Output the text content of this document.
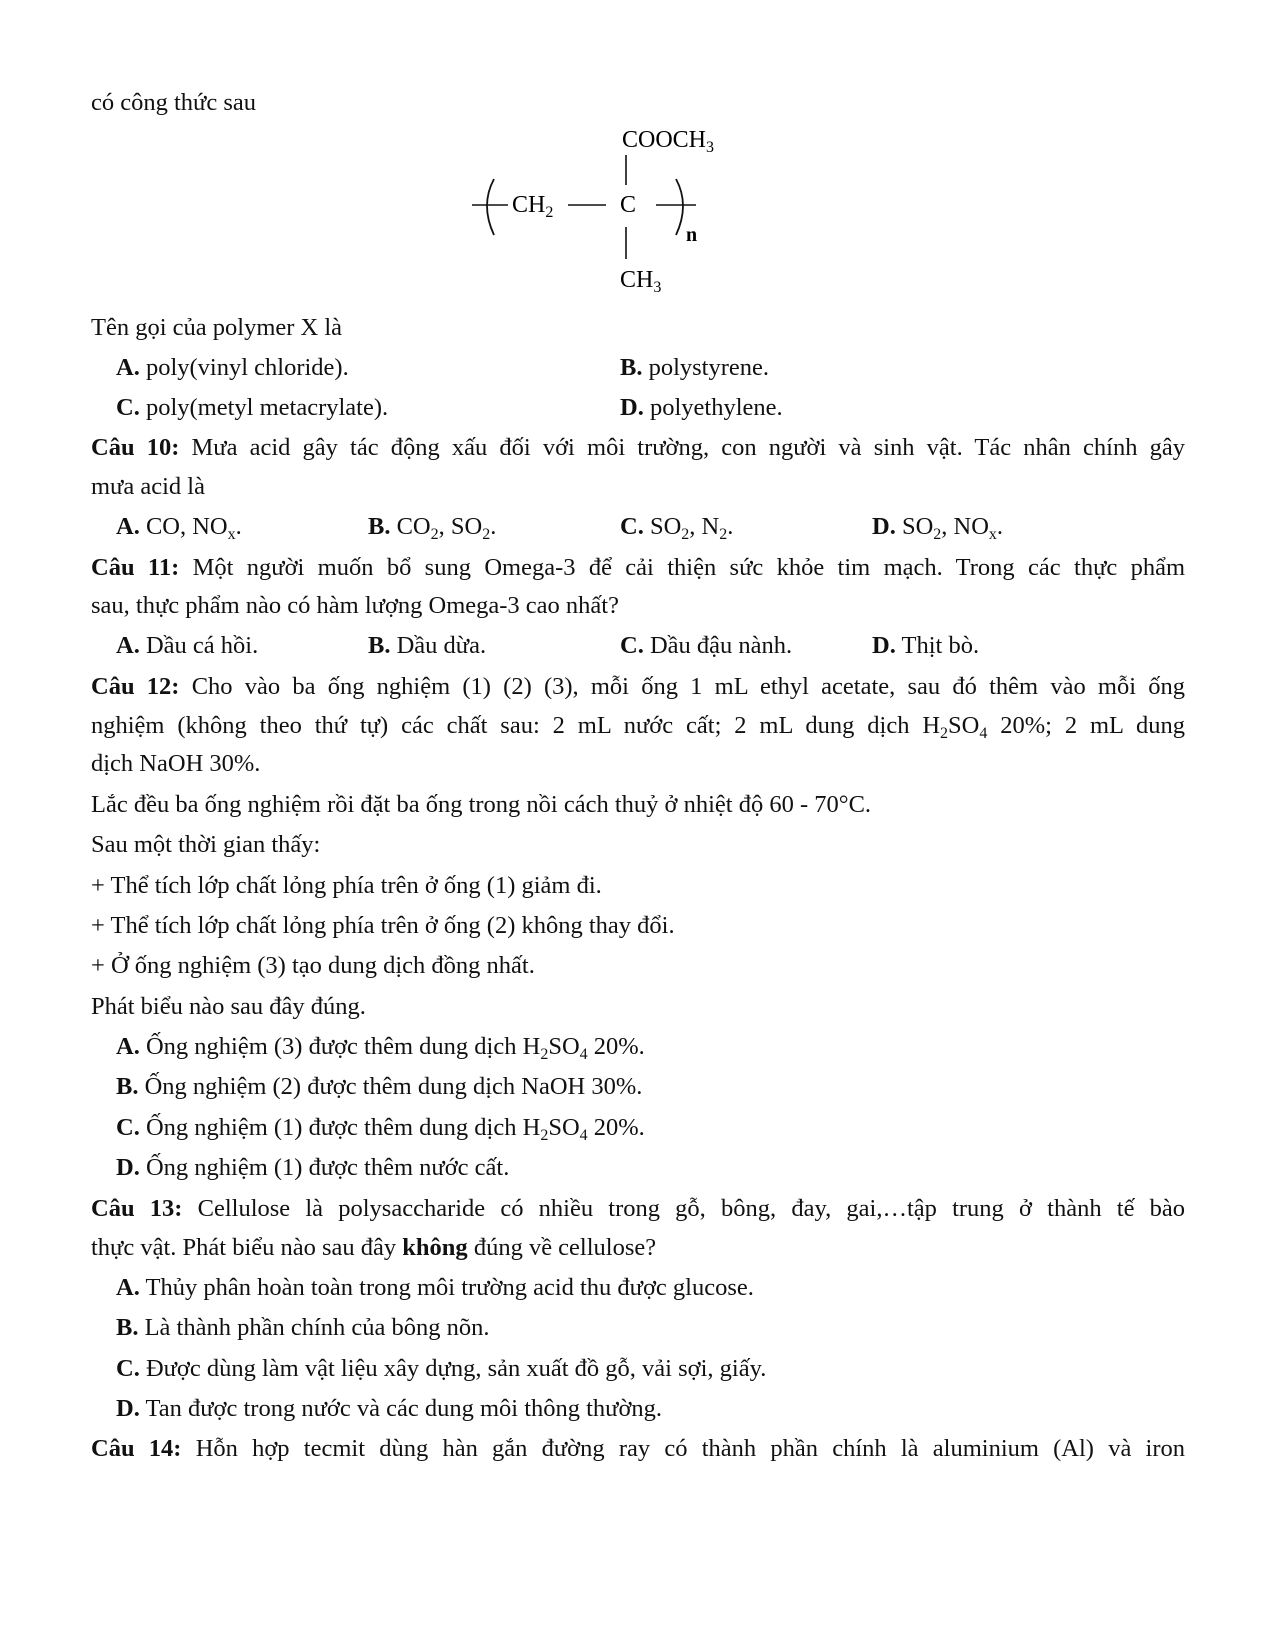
có công thức sau
$COOCH_3$
$CH_2$	C
$CH_3$
n
Tên gọi của polymer X là
A. poly(vinyl chloride).	B. polystyrene.
C. poly(metyl metacrylate).	D. polyethylene.
Câu 10: Mưa acid gây tác động xấu đối với môi trường, con người và sinh vật. Tác nhân chính gây
mưa acid là
A. CO, $NO_x$.	B. $CO_2$, $SO_2$.	C. $SO_2$, $N_2$.	D. $SO_2$, $NO_x$.
Câu 11: Một người muốn bổ sung Omega-3 để cải thiện sức khỏe tim mạch. Trong các thực phẩm
sau, thực phẩm nào có hàm lượng Omega-3 cao nhất?
A. Dầu cá hồi.	B. Dầu dừa.	C. Dầu đậu nành.	D. Thịt bò.
Câu 12: Cho vào ba ống nghiệm (1) (2) (3), mỗi ống 1 mL ethyl acetate, sau đó thêm vào mỗi ống
nghiệm (không theo thứ tự) các chất sau: 2 mL nước cất; 2 mL dung dịch $H_2SO_4$ 20%; 2 mL dung
dịch NaOH 30%.
Lắc đều ba ống nghiệm rồi đặt ba ống trong nồi cách thuỷ ở nhiệt độ 60 - 70°C.
Sau một thời gian thấy:
+ Thể tích lớp chất lỏng phía trên ở ống (1) giảm đi.
+ Thể tích lớp chất lỏng phía trên ở ống (2) không thay đổi.
+ Ở ống nghiệm (3) tạo dung dịch đồng nhất.
Phát biểu nào sau đây đúng.
A. Ống nghiệm (3) được thêm dung dịch $H_2SO_4$ 20%.
B. Ống nghiệm (2) được thêm dung dịch NaOH 30%.
C. Ống nghiệm (1) được thêm dung dịch $H_2SO_4$ 20%.
D. Ống nghiệm (1) được thêm nước cất.
Câu 13: Cellulose là polysaccharide có nhiều trong gỗ, bông, đay, gai,…tập trung ở thành tế bào
thực vật. Phát biểu nào sau đây không đúng về cellulose?
A. Thủy phân hoàn toàn trong môi trường acid thu được glucose.
B. Là thành phần chính của bông nõn.
C. Được dùng làm vật liệu xây dựng, sản xuất đồ gỗ, vải sợi, giấy.
D. Tan được trong nước và các dung môi thông thường.
Câu 14: Hỗn hợp tecmit dùng hàn gắn đường ray có thành phần chính là aluminium (Al) và iron
